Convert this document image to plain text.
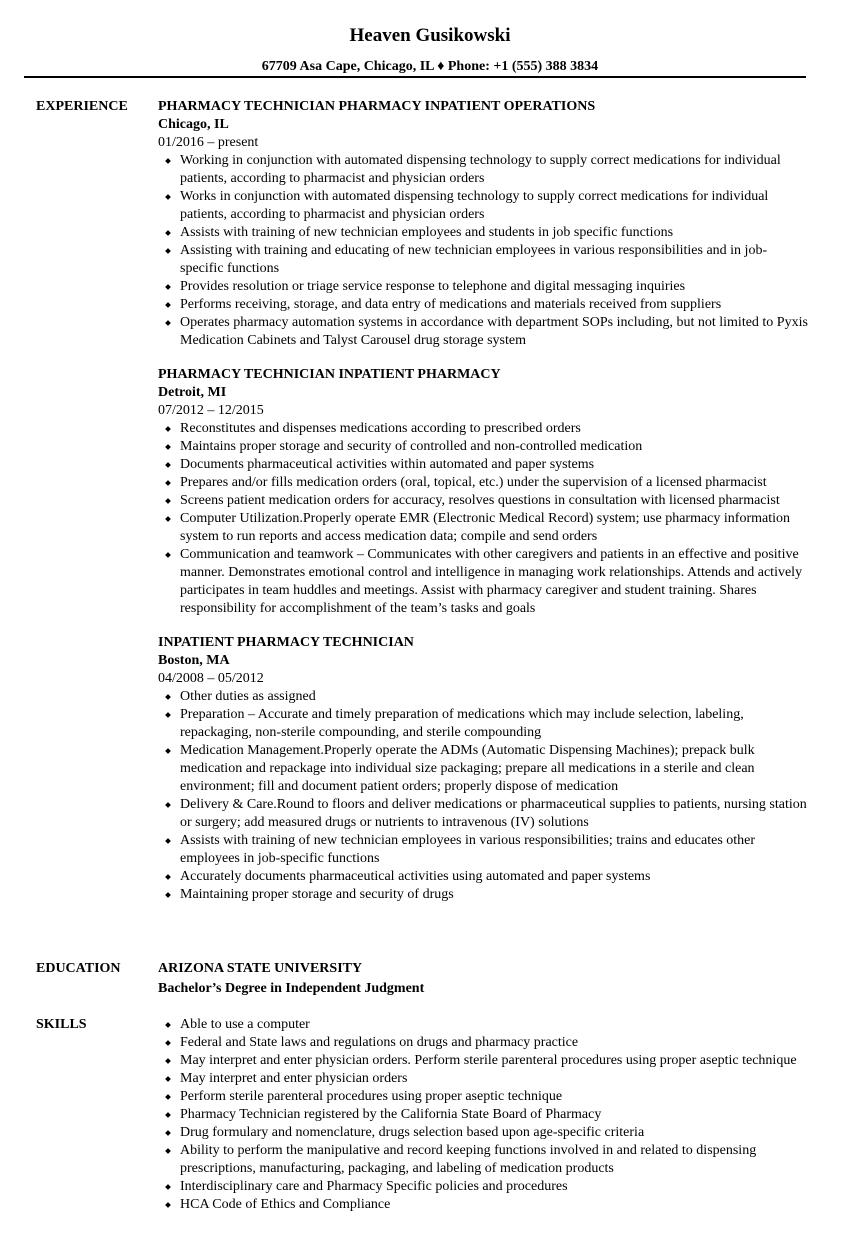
Heaven Gusikowski
67709 Asa Cape, Chicago, IL ♦ Phone: +1 (555) 388 3834
EXPERIENCE PHARMACY TECHNICIAN PHARMACY INPATIENT OPERATIONS
Chicago, IL
01/2016 – present
Working in conjunction with automated dispensing technology to supply correct medications for individual patients, according to pharmacist and physician orders
Works in conjunction with automated dispensing technology to supply correct medications for individual patients, according to pharmacist and physician orders
Assists with training of new technician employees and students in job specific functions
Assisting with training and educating of new technician employees in various responsibilities and in job-specific functions
Provides resolution or triage service response to telephone and digital messaging inquiries
Performs receiving, storage, and data entry of medications and materials received from suppliers
Operates pharmacy automation systems in accordance with department SOPs including, but not limited to Pyxis Medication Cabinets and Talyst Carousel drug storage system
PHARMACY TECHNICIAN INPATIENT PHARMACY
Detroit, MI
07/2012 – 12/2015
Reconstitutes and dispenses medications according to prescribed orders
Maintains proper storage and security of controlled and non-controlled medication
Documents pharmaceutical activities within automated and paper systems
Prepares and/or fills medication orders (oral, topical, etc.) under the supervision of a licensed pharmacist
Screens patient medication orders for accuracy, resolves questions in consultation with licensed pharmacist
Computer Utilization.Properly operate EMR (Electronic Medical Record) system; use pharmacy information system to run reports and access medication data; compile and send orders
Communication and teamwork – Communicates with other caregivers and patients in an effective and positive manner. Demonstrates emotional control and intelligence in managing work relationships. Attends and actively participates in team huddles and meetings. Assist with pharmacy caregiver and student training. Shares responsibility for accomplishment of the team’s tasks and goals
INPATIENT PHARMACY TECHNICIAN
Boston, MA
04/2008 – 05/2012
Other duties as assigned
Preparation – Accurate and timely preparation of medications which may include selection, labeling, repackaging, non-sterile compounding, and sterile compounding
Medication Management.Properly operate the ADMs (Automatic Dispensing Machines); prepack bulk medication and repackage into individual size packaging; prepare all medications in a sterile and clean environment; fill and document patient orders; properly dispose of medication
Delivery & Care.Round to floors and deliver medications or pharmaceutical supplies to patients, nursing station or surgery; add measured drugs or nutrients to intravenous (IV) solutions
Assists with training of new technician employees in various responsibilities; trains and educates other employees in job-specific functions
Accurately documents pharmaceutical activities using automated and paper systems
Maintaining proper storage and security of drugs
EDUCATION	ARIZONA STATE UNIVERSITY
Bachelor’s Degree in Independent Judgment
SKILLS	Able to use a computer
Federal and State laws and regulations on drugs and pharmacy practice
May interpret and enter physician orders. Perform sterile parenteral procedures using proper aseptic technique
May interpret and enter physician orders
Perform sterile parenteral procedures using proper aseptic technique
Pharmacy Technician registered by the California State Board of Pharmacy
Drug formulary and nomenclature, drugs selection based upon age-specific criteria
Ability to perform the manipulative and record keeping functions involved in and related to dispensing prescriptions, manufacturing, packaging, and labeling of medication products
Interdisciplinary care and Pharmacy Specific policies and procedures
HCA Code of Ethics and Compliance
